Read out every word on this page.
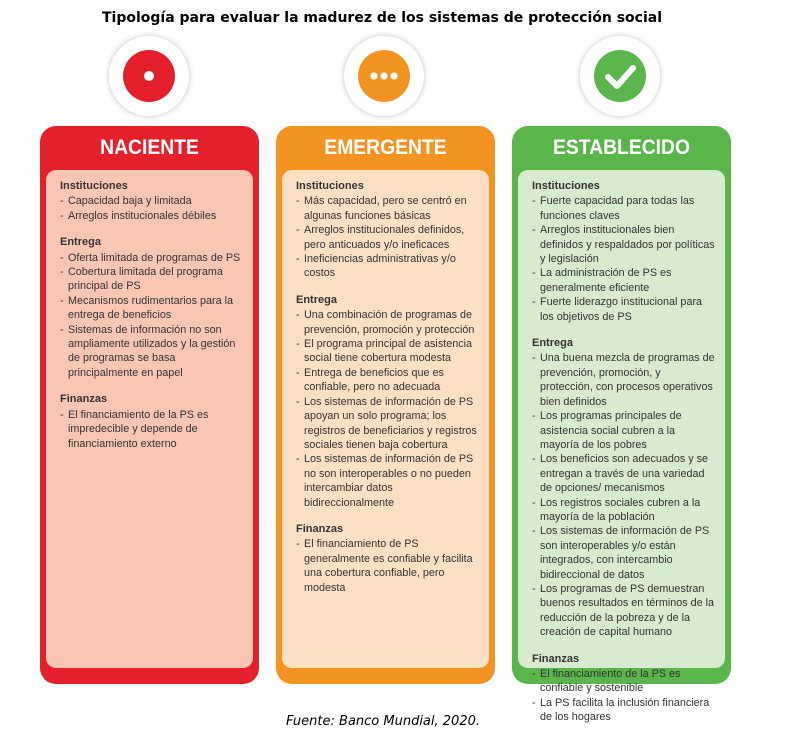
Tipología para evaluar la madurez de los sistemas de protección social
NACIENTE
Instituciones
- Capacidad baja y limitada
- Arreglos institucionales débiles
Entrega
- Oferta limitada de programas de PS
- Cobertura limitada del programa principal de PS
- Mecanismos rudimentarios para la entrega de beneficios
- Sistemas de información no son ampliamente utilizados y la gestión de programas se basa principalmente en papel
Finanzas
- El financiamiento de la PS es impredecible y depende de financiamiento externo
EMERGENTE
Instituciones
- Más capacidad, pero se centró en algunas funciones básicas
- Arreglos institucionales definidos, pero anticuados y/o ineficaces
- Ineficiencias administrativas y/o costos
Entrega
- Una combinación de programas de prevención, promoción y protección
- El programa principal de asistencia social tiene cobertura modesta
- Entrega de beneficios que es confiable, pero no adecuada
- Los sistemas de información de PS apoyan un solo programa; los registros de beneficiarios y registros sociales tienen baja cobertura
- Los sistemas de información de PS no son interoperables o no pueden intercambiar datos bidireccionalmente
Finanzas
- El financiamiento de PS generalmente es confiable y facilita una cobertura confiable, pero modesta
ESTABLECIDO
Instituciones
- Fuerte capacidad para todas las funciones claves
- Arreglos institucionales bien definidos y respaldados por políticas y legislación
- La administración de PS es generalmente eficiente
- Fuerte liderazgo institucional para los objetivos de PS
Entrega
- Una buena mezcla de programas de prevención, promoción, y protección, con procesos operativos bien definidos
- Los programas principales de asistencia social cubren a la mayoría de los pobres
- Los beneficios son adecuados y se entregan a través de una variedad de opciones/ mecanismos
- Los registros sociales cubren a la mayoría de la población
- Los sistemas de información de PS son interoperables y/o están integrados, con intercambio bidireccional de datos
- Los programas de PS demuestran buenos resultados en términos de la reducción de la pobreza y de la creación de capital humano
Finanzas
- El financiamiento de la PS es confiable y sostenible
- La PS facilita la inclusión financiera de los hogares
Fuente: Banco Mundial, 2020.
